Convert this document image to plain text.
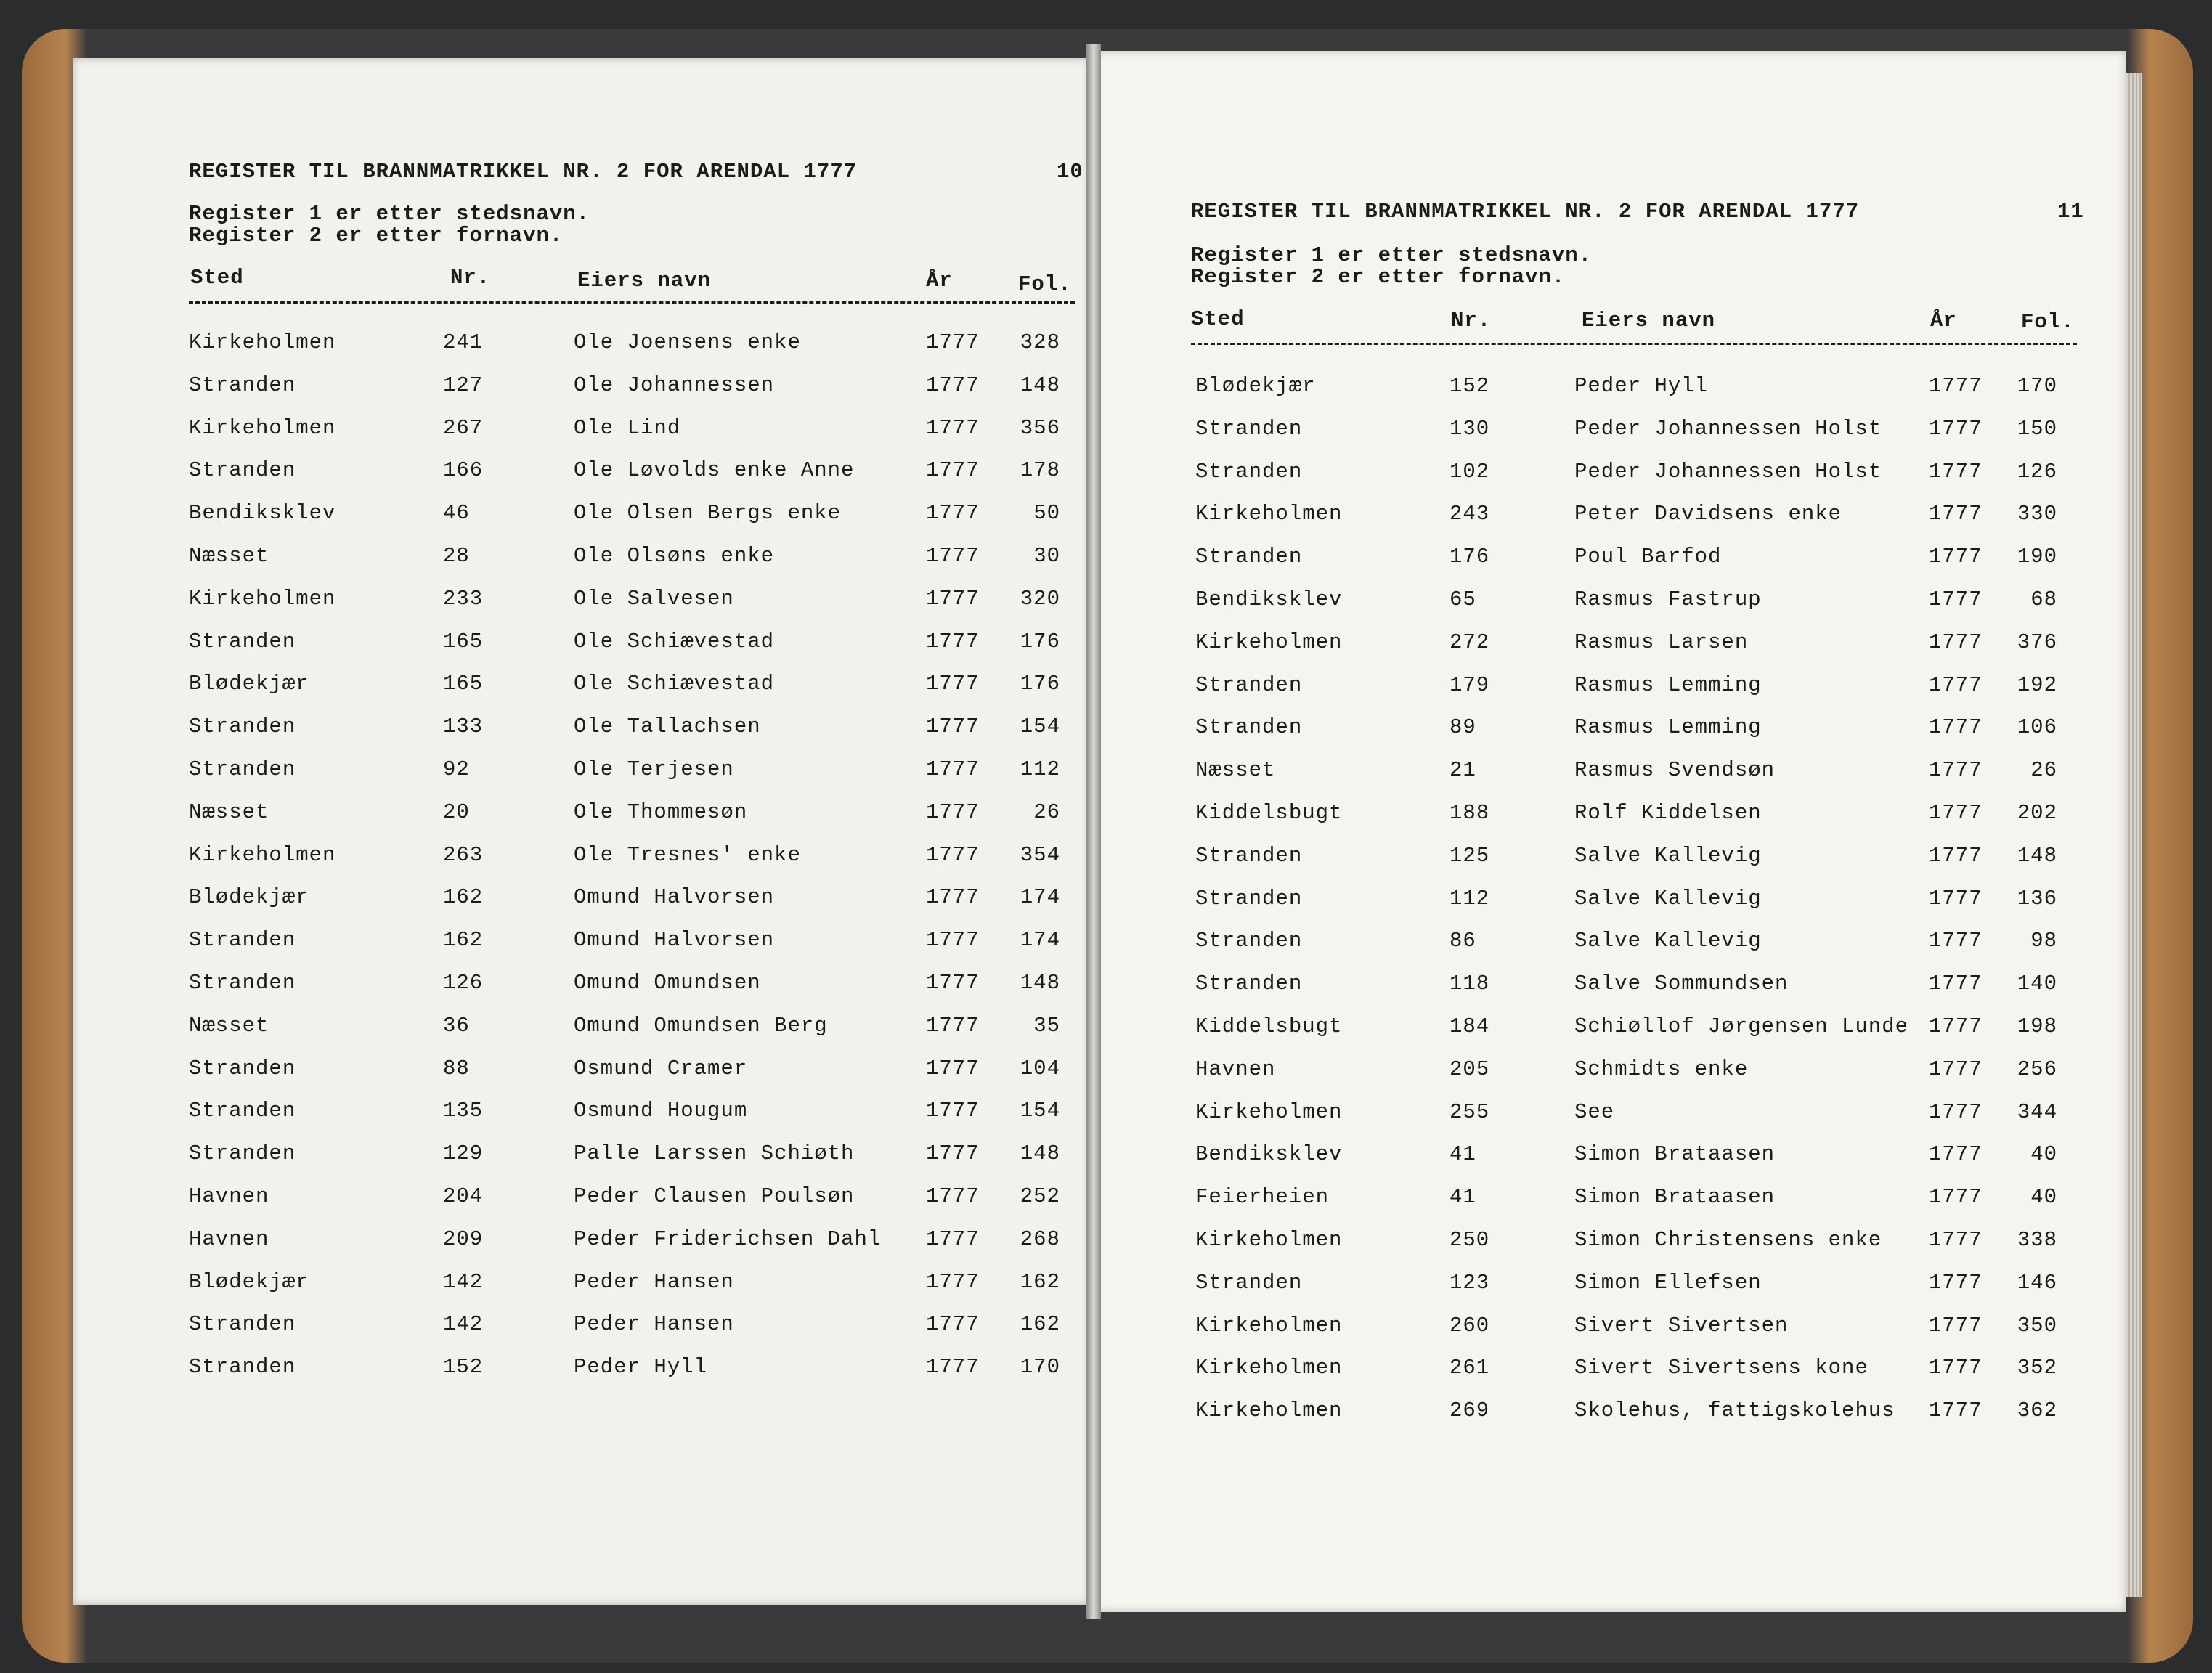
REGISTER TIL BRANNMATRIKKEL NR. 2 FOR ARENDAL 1777	10
Register 1 er etter stedsnavn.
Register 2 er etter fornavn.
Sted	Nr.	Eiers navn	År	Fol.
Kirkeholmen	241	Ole Joensens enke	1777 328
Stranden	127	Ole Johannessen	1777 148
Kirkeholmen	267	Ole Lind	1777 356
Stranden	166	Ole Løvolds enke Anne	1777 178
Bendiksklev	46	Ole Olsen Bergs enke	1777	50
Næsset	28	Ole Olsøns enke	1777	30
Kirkeholmen	233	Ole Salvesen	1777 320
Stranden	165	Ole Schiævestad	1777 176
Blødekjær	165	Ole Schiævestad	1777 176
Stranden	133	Ole Tallachsen	1777 154
Stranden	92	Ole Terjesen	1777 112
Næsset	20	Ole Thommesøn	1777	26
Kirkeholmen	263	Ole Tresnes' enke	1777 354
Blødekjær	162	Omund Halvorsen	1777 174
Stranden	162	Omund Halvorsen	1777 174
Stranden	126	Omund Omundsen	1777 148
Næsset	36	Omund Omundsen Berg	1777	35
Stranden	88	Osmund Cramer	1777 104
Stranden	135	Osmund Hougum	1777 154
Stranden	129	Palle Larssen Schiøth	1777 148
Havnen	204	Peder Clausen Poulsøn	1777 252
Havnen	209	Peder Friderichsen Dahl 1777 268
Blødekjær	142	Peder Hansen	1777 162
Stranden	142	Peder Hansen	1777 162
Stranden	152	Peder Hyll	1777 170
REGISTER TIL BRANNMATRIKKEL NR. 2 FOR ARENDAL 1777	11
Register 1 er etter stedsnavn.
Register 2 er etter fornavn.
Sted	Nr.	Eiers navn	År	Fol.
Blødekjær	152	Peder Hyll	1777	170
Stranden	130	Peder Johannessen Holst 1777	150
Stranden	102	Peder Johannessen Holst 1777	126
Kirkeholmen	243	Peter Davidsens enke	1777	330
Stranden	176	Poul Barfod	1777	190
Bendiksklev	65	Rasmus Fastrup	1777	68
Kirkeholmen	272	Rasmus Larsen	1777	376
Stranden	179	Rasmus Lemming	1777	192
Stranden	89	Rasmus Lemming	1777	106
Næsset	21	Rasmus Svendsøn	1777	26
Kiddelsbugt	188	Rolf Kiddelsen	1777	202
Stranden	125	Salve Kallevig	1777	148
Stranden	112	Salve Kallevig	1777	136
Stranden	86	Salve Kallevig	1777	98
Stranden	118	Salve Sommundsen	1777	140
Kiddelsbugt	184	Schiøllof Jørgensen Lunde 1777	198
Havnen	205	Schmidts enke	1777	256
Kirkeholmen	255	See	1777	344
Bendiksklev	41	Simon Brataasen	1777	40
Feierheien	41	Simon Brataasen	1777	40
Kirkeholmen	250	Simon Christensens enke 1777	338
Stranden	123	Simon Ellefsen	1777	146
Kirkeholmen	260	Sivert Sivertsen	1777	350
Kirkeholmen	261	Sivert Sivertsens kone	1777	352
Kirkeholmen	269	Skolehus, fattigskolehus 1777	362
